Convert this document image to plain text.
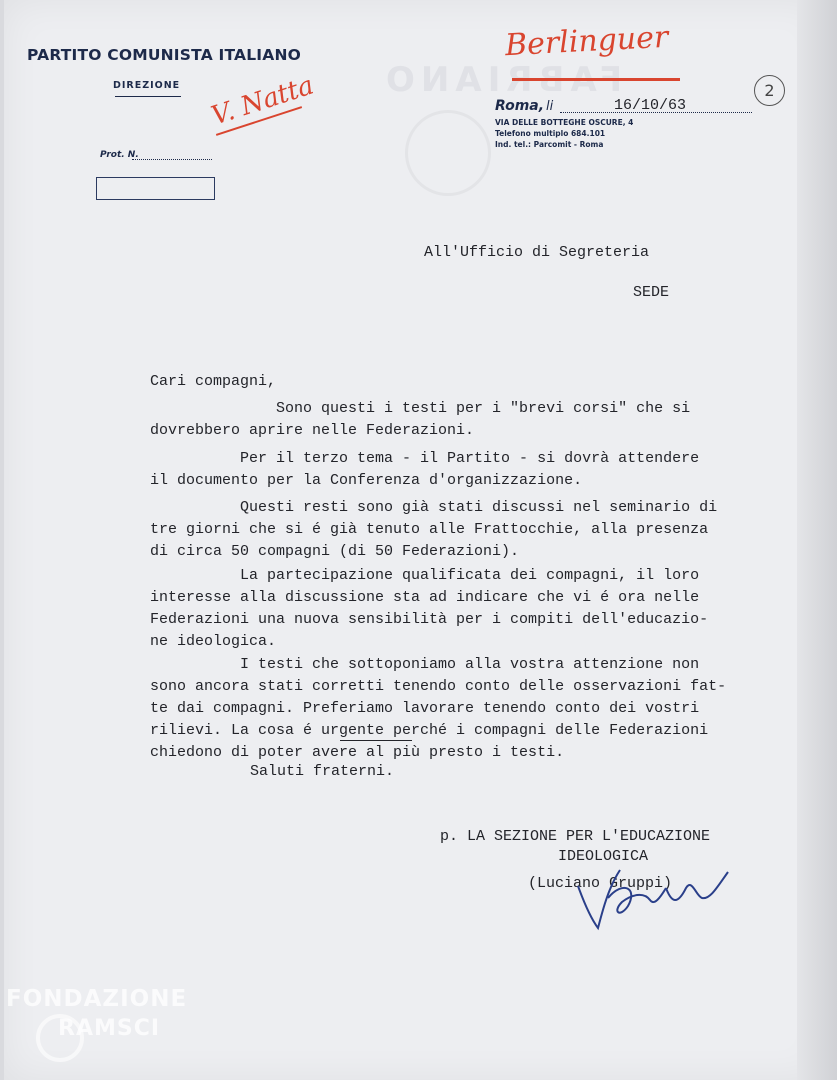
FABRIANO
PARTITO COMUNISTA ITALIANO
DIREZIONE
Prot. N.
V. Natta
Berlinguer
2
Roma, li	16/10/63
VIA DELLE BOTTEGHE OSCURE, 4
Telefono multiplo 684.101
Ind. tel.: Parcomit - Roma
All'Ufficio di Segreteria
SEDE
Cari compagni,
Sono questi i testi per i "brevi corsi" che si
dovrebbero aprire nelle Federazioni.
Per il terzo tema - il Partito - si dovrà attendere
il documento per la Conferenza d'organizzazione.
Questi resti sono già stati discussi nel seminario di
tre giorni che si é già tenuto alle Frattocchie, alla presenza
di circa 50 compagni (di 50 Federazioni).
La partecipazione qualificata dei compagni, il loro
interesse alla discussione sta ad indicare che vi é ora nelle
Federazioni una nuova sensibilità per i compiti dell'educazio-
ne ideologica.
I testi che sottoponiamo alla vostra attenzione non
sono ancora stati corretti tenendo conto delle osservazioni fat-
te dai compagni. Preferiamo lavorare tenendo conto dei vostri
rilievi. La cosa é urgente perché i compagni delle Federazioni
chiedono di poter avere al più presto i testi.
Saluti fraterni.
p. LA SEZIONE PER L'EDUCAZIONE
IDEOLOGICA
(Luciano Gruppi)
FONDAZIONE
RAMSCI
